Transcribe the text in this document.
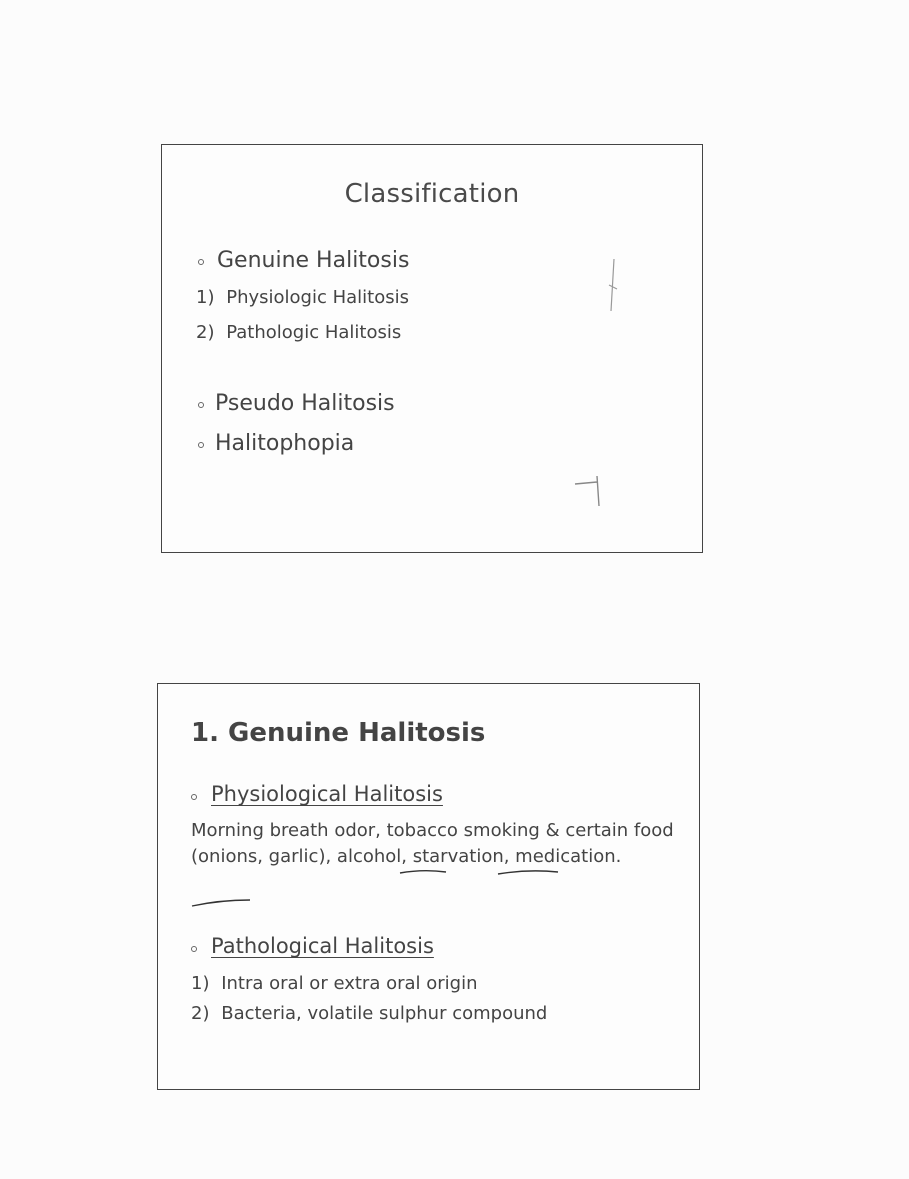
Classification
Genuine Halitosis
1) Physiologic Halitosis
2) Pathologic Halitosis
Pseudo Halitosis
Halitophopia
1. Genuine Halitosis
Physiological Halitosis
Morning breath odor, tobacco smoking & certain food (onions, garlic), alcohol, starvation, medication.
Pathological Halitosis
1) Intra oral or extra oral origin
2) Bacteria, volatile sulphur compound
